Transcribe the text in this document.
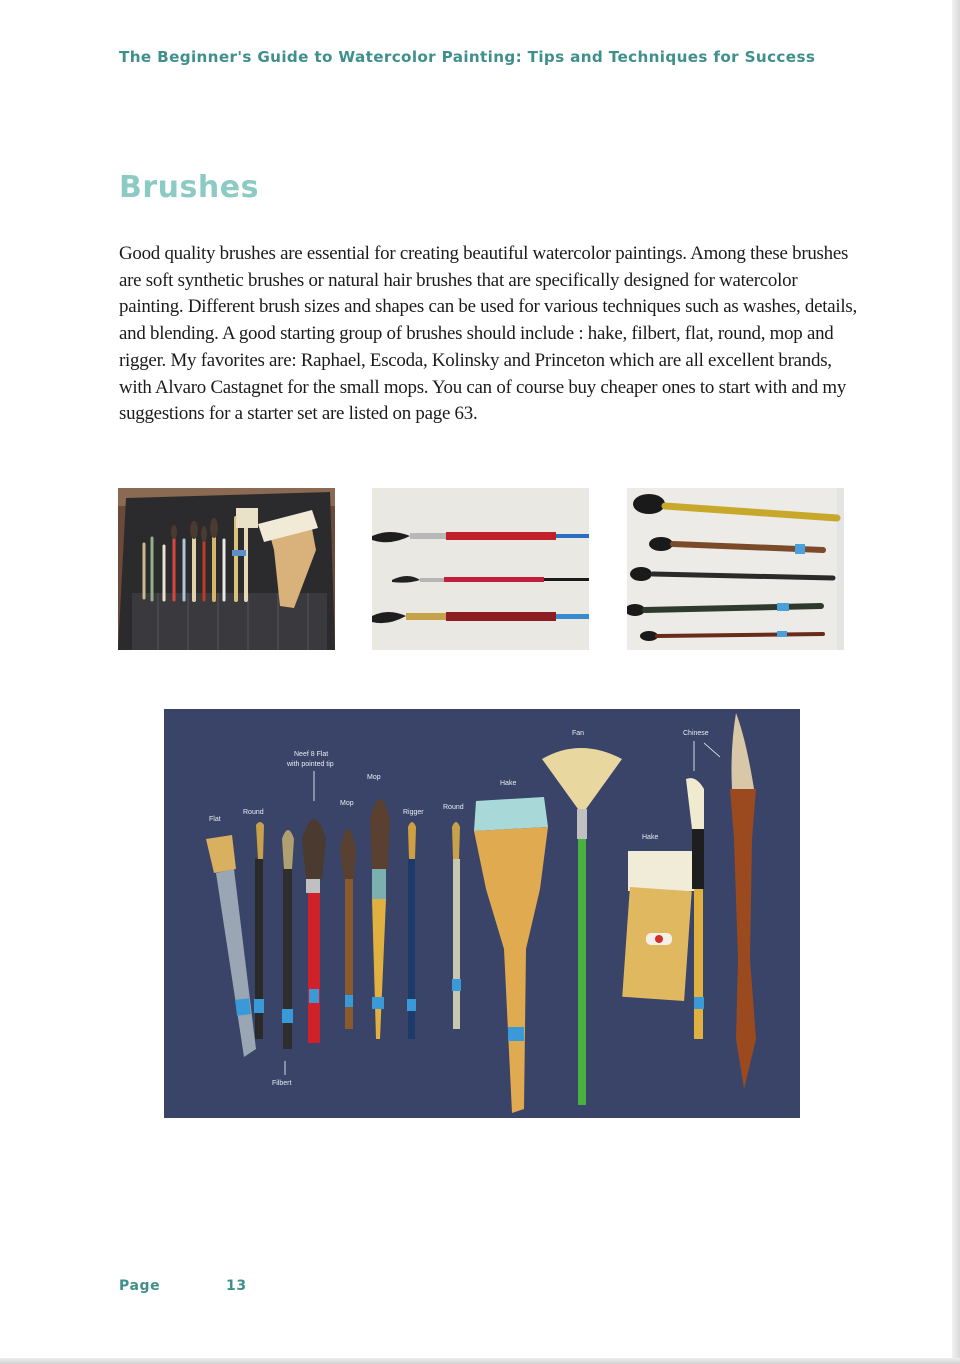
The Beginner's Guide to Watercolor Painting: Tips and Techniques for Success
Brushes

Good quality brushes are essential for creating beautiful watercolor paintings. Among these brushes are soft synthetic brushes or natural hair brushes that are specifically designed for watercolor painting. Different brush sizes and shapes can be used for various techniques such as washes, details, and blending. A good starting group of brushes should include : hake, filbert, flat, round, mop and rigger. My favorites are: Raphael, Escoda, Kolinsky and Princeton which are all excellent brands, with Alvaro Castagnet for the small mops. You can of course buy cheaper ones to start with and my suggestions for a starter set are listed on page 63.

Flat
Round
Filbert
Neef 8 Flat
with pointed tip
Mop
Mop
Rigger
Round
Hake
Fan
Hake
Chinese
Page	13
